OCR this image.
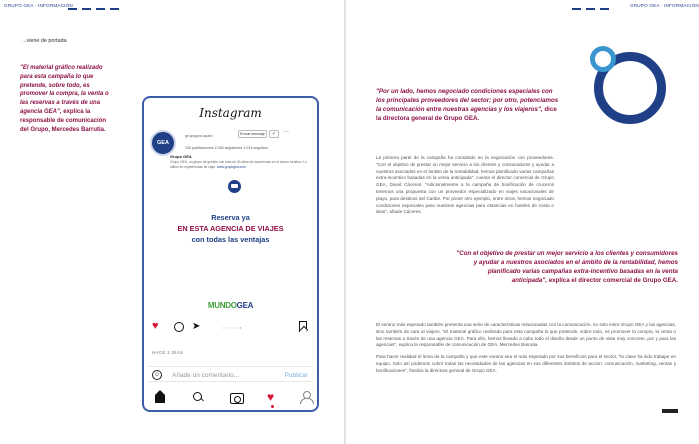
GRUPO GEA · INFORMACIÓN
...viene de portada
"El material gráfico realizado para esta campaña lo que pretende, sobre todo, es promover la compra, la venta o las reservas a través de una agencia GEA", explica la responsable de comunicación del Grupo, Mercedes Barrutia.
Instagram
GEA
grupogea.spain	Enviar mensaje	✓	···
126 publicaciones 2.280 seguidores 1.014 seguidos
Grupo GEA
Grupo GEA, un grupo de gestión con más de 30 años de experiencia en el sector turístico. Lo último en experiencias de viaje. www.grupogea.com
Reserva ya
EN ESTA AGENCIA DE VIAJES
con todas las ventajas
MUNDOGEA
♥	➤	○○○○○●
HACE 2 DÍAS
☺ Añade un comentario...	Publicar
♥
GRUPO GEA · INFORMACIÓN
"Por un lado, hemos negociado condiciones especiales con los principales proveedores del sector; por otro, potenciamos la comunicación entre nuestras agencias y los viajeros", dice la directora general de Grupo GEA.
La primera parte de la campaña ha consistido en la negociación con proveedores. "Con el objetivo de prestar un mejor servicio a los clientes y consumidores y ayudar a nuestros asociados en el ámbito de la rentabilidad, hemos planificado varias campañas extra-incentivo basadas en la venta anticipada", cuenta el director comercial de Grupo GEA, David Cáceres. "Adicionalmente a la campaña de bonificación de cruceros tenemos una propuesta con un proveedor especializado en viajes vacacionales de playa, para destinos del Caribe. Por poner otro ejemplo, entre otros, hemos negociado condiciones especiales para nuestras agencias para estancias en hoteles de costa e islas", añade Cáceres.
"Con el objetivo de prestar un mejor servicio a los clientes y consumidores y ayudar a nuestros asociados en el ámbito de la rentabilidad, hemos planificado varias campañas extra-incentivo basadas en la venta anticipada", explica el director comercial de Grupo GEA.

El verano más esperado también presenta una serie de características relacionadas con la comunicación, no solo entre Grupo GEA y las agencias, sino también de cara al viajero. "El material gráfico realizado para esta campaña lo que pretende, sobre todo, es promover la compra, la venta o las reservas a través de una agencia GEA. Para ello, hemos llevado a cabo todo el diseño desde un punto de vista muy concreto, por y para las agencias", explica la responsable de comunicación de GEA, Mercedes Barrutia.

Para hacer realidad el lema de la campaña y que este verano sea el más esperado por sus beneficios para el sector, "la clave ha sido trabajar en equipo. Solo así podemos cubrir todas las necesidades de las agencias en sus diferentes ámbitos de acción: comunicación, marketing, ventas y bonificaciones", finaliza la directora general de Grupo GEA.
